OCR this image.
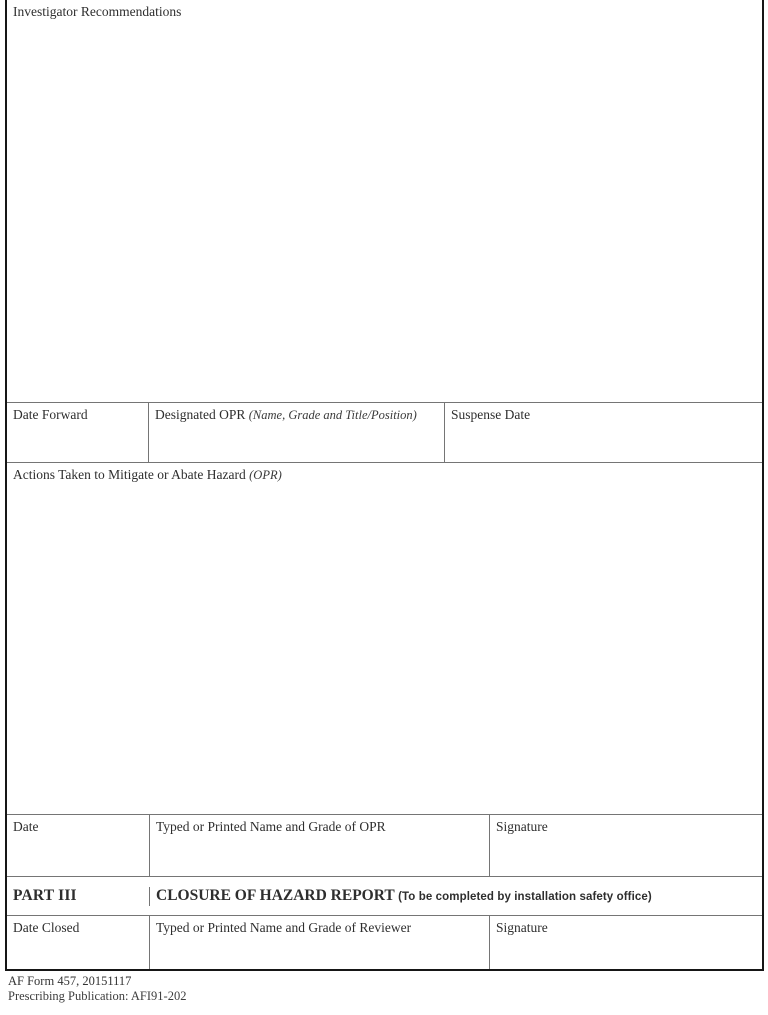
Investigator Recommendations
Date Forward	Designated OPR (Name, Grade and Title/Position)	Suspense Date
Actions Taken to Mitigate or Abate Hazard (OPR)
Date	Typed or Printed Name and Grade of OPR	Signature
PART III	CLOSURE OF HAZARD REPORT (To be completed by installation safety office)
Date Closed	Typed or Printed Name and Grade of Reviewer	Signature
AF Form 457, 20151117
Prescribing Publication: AFI91-202
